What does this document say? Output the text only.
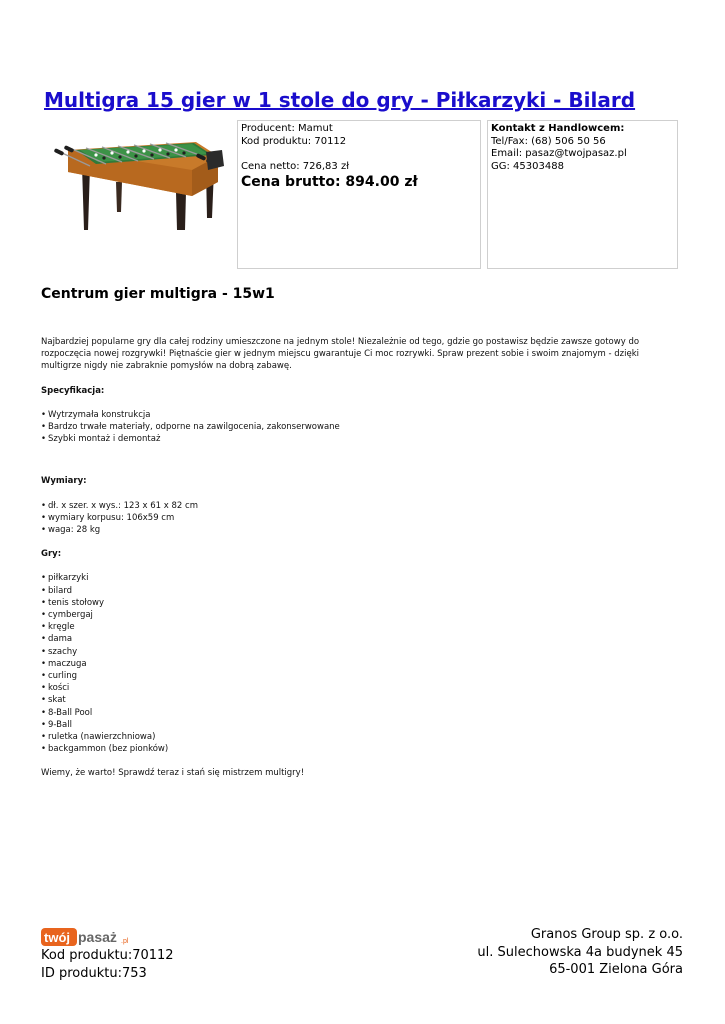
Multigra 15 gier w 1 stole do gry - Piłkarzyki - Bilard
Producent: Mamut
Kod produktu: 70112
Cena netto: 726,83 zł
Cena brutto: 894.00 zł
Kontakt z Handlowcem:
Tel/Fax: (68) 506 50 56
Email: pasaz@twojpasaz.pl
GG: 45303488
Centrum gier multigra - 15w1

Najbardziej popularne gry dla całej rodziny umieszczone na jednym stole! Niezależnie od tego, gdzie go postawisz będzie zawsze gotowy do rozpoczęcia nowej rozgrywki! Piętnaście gier w jednym miejscu gwarantuje Ci moc rozrywki. Spraw prezent sobie i swoim znajomym - dzięki multigrze nigdy nie zabraknie pomysłów na dobrą zabawę.

Specyfikacja:

• Wytrzymała konstrukcja
• Bardzo trwałe materiały, odporne na zawilgocenia, zakonserwowane
• Szybki montaż i demontaż

Wymiary:

• dł. x szer. x wys.: 123 x 61 x 82 cm
• wymiary korpusu: 106x59 cm
• waga: 28 kg

Gry:

• piłkarzyki
• bilard
• tenis stołowy
• cymbergaj
• kręgle
• dama
• szachy
• maczuga
• curling
• kości
• skat
• 8-Ball Pool
• 9-Ball
• ruletka (nawierzchniowa)
• backgammon (bez pionków)

Wiemy, że warto! Sprawdź teraz i stań się mistrzem multigry!

twój pasaż .pl
Kod produktu:70112
ID produktu:753
Granos Group sp. z o.o.
ul. Sulechowska 4a budynek 45
65-001 Zielona Góra
